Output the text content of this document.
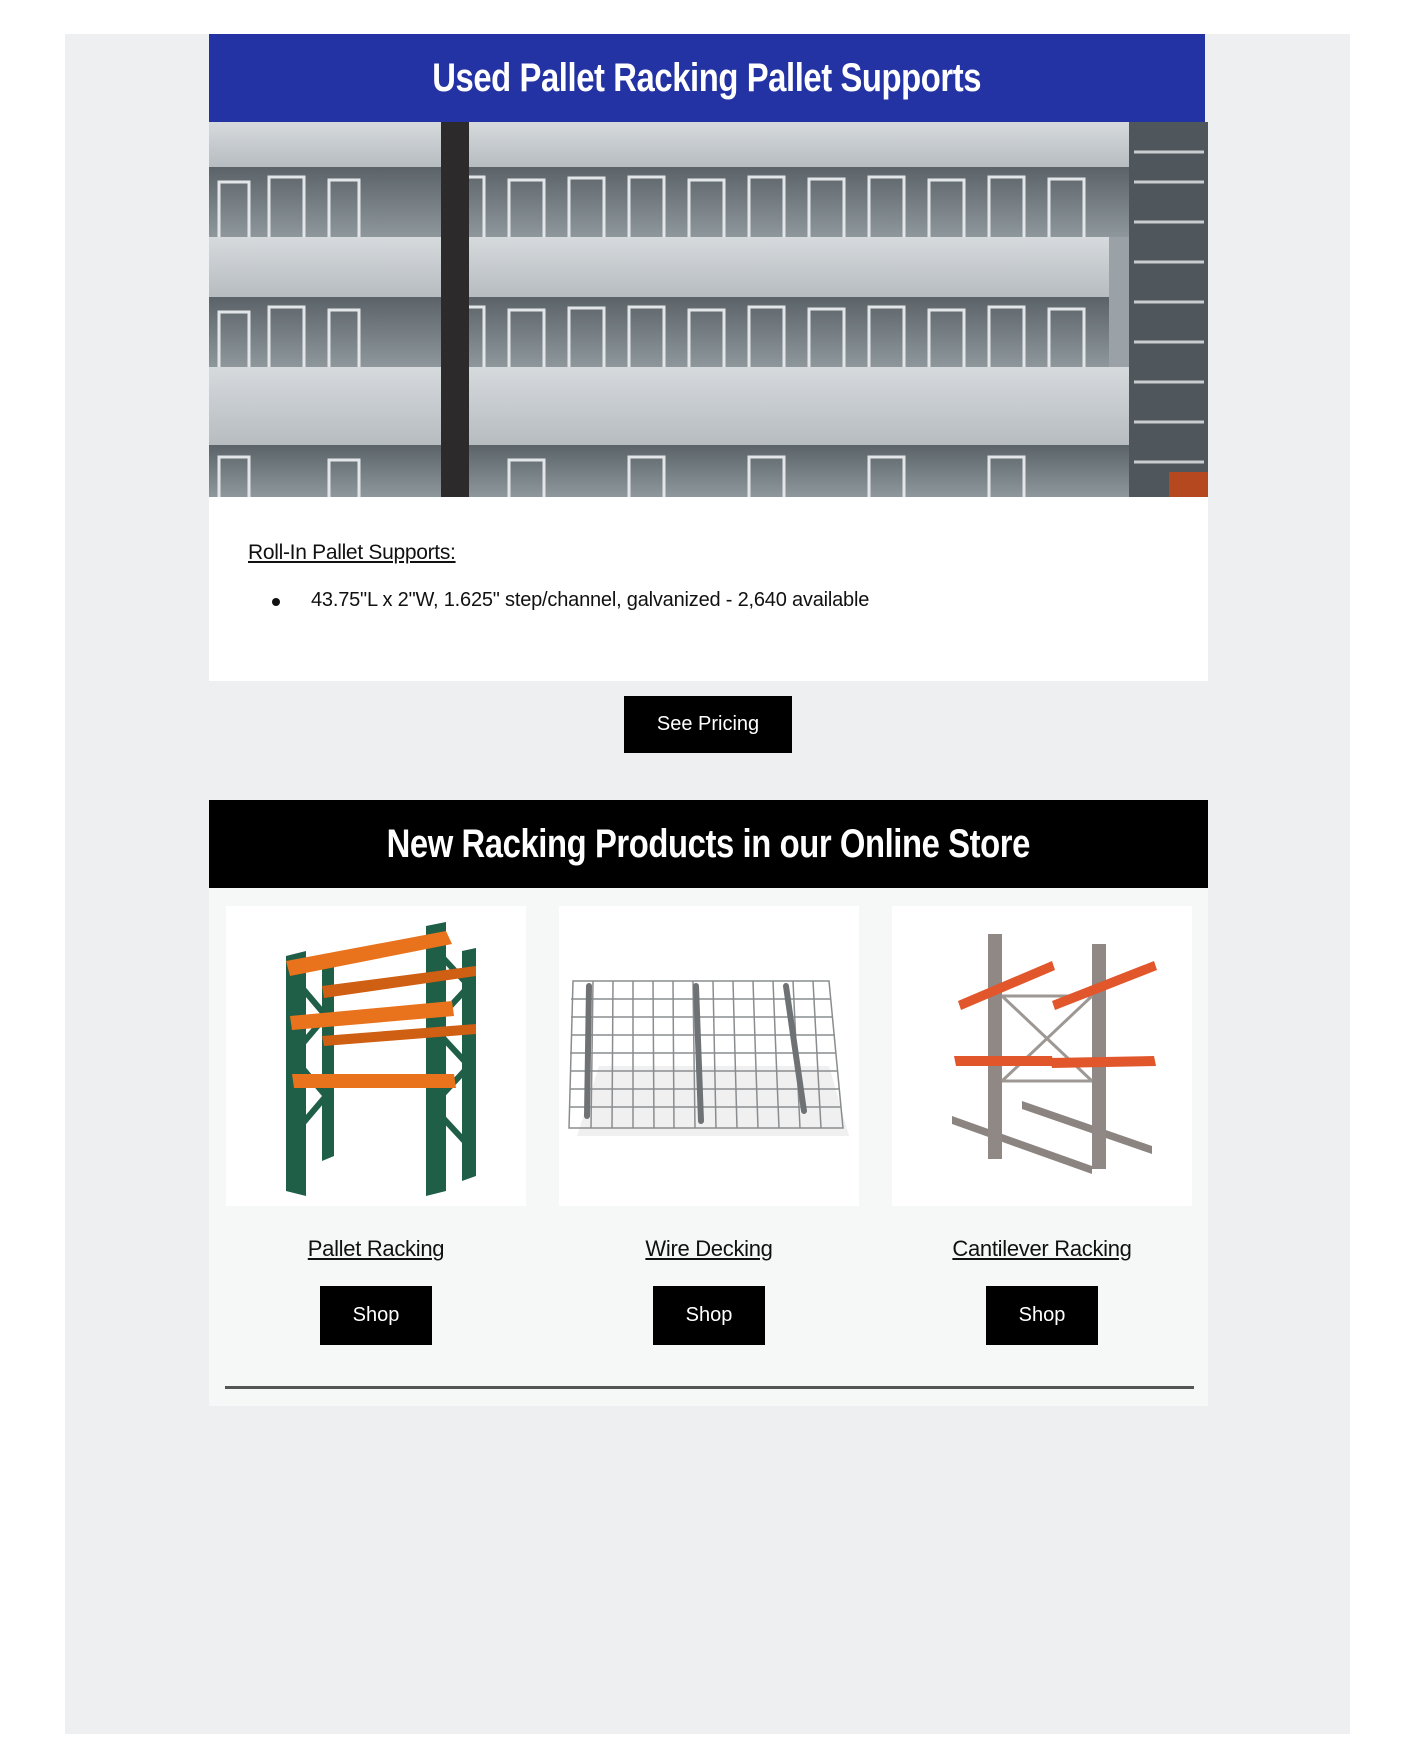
Used Pallet Racking Pallet Supports
Roll-In Pallet Supports:
43.75"L x 2"W, 1.625" step/channel, galvanized - 2,640 available
See Pricing
New Racking Products in our Online Store
Pallet Racking
Shop
Wire Decking
Shop
Cantilever Racking
Shop
